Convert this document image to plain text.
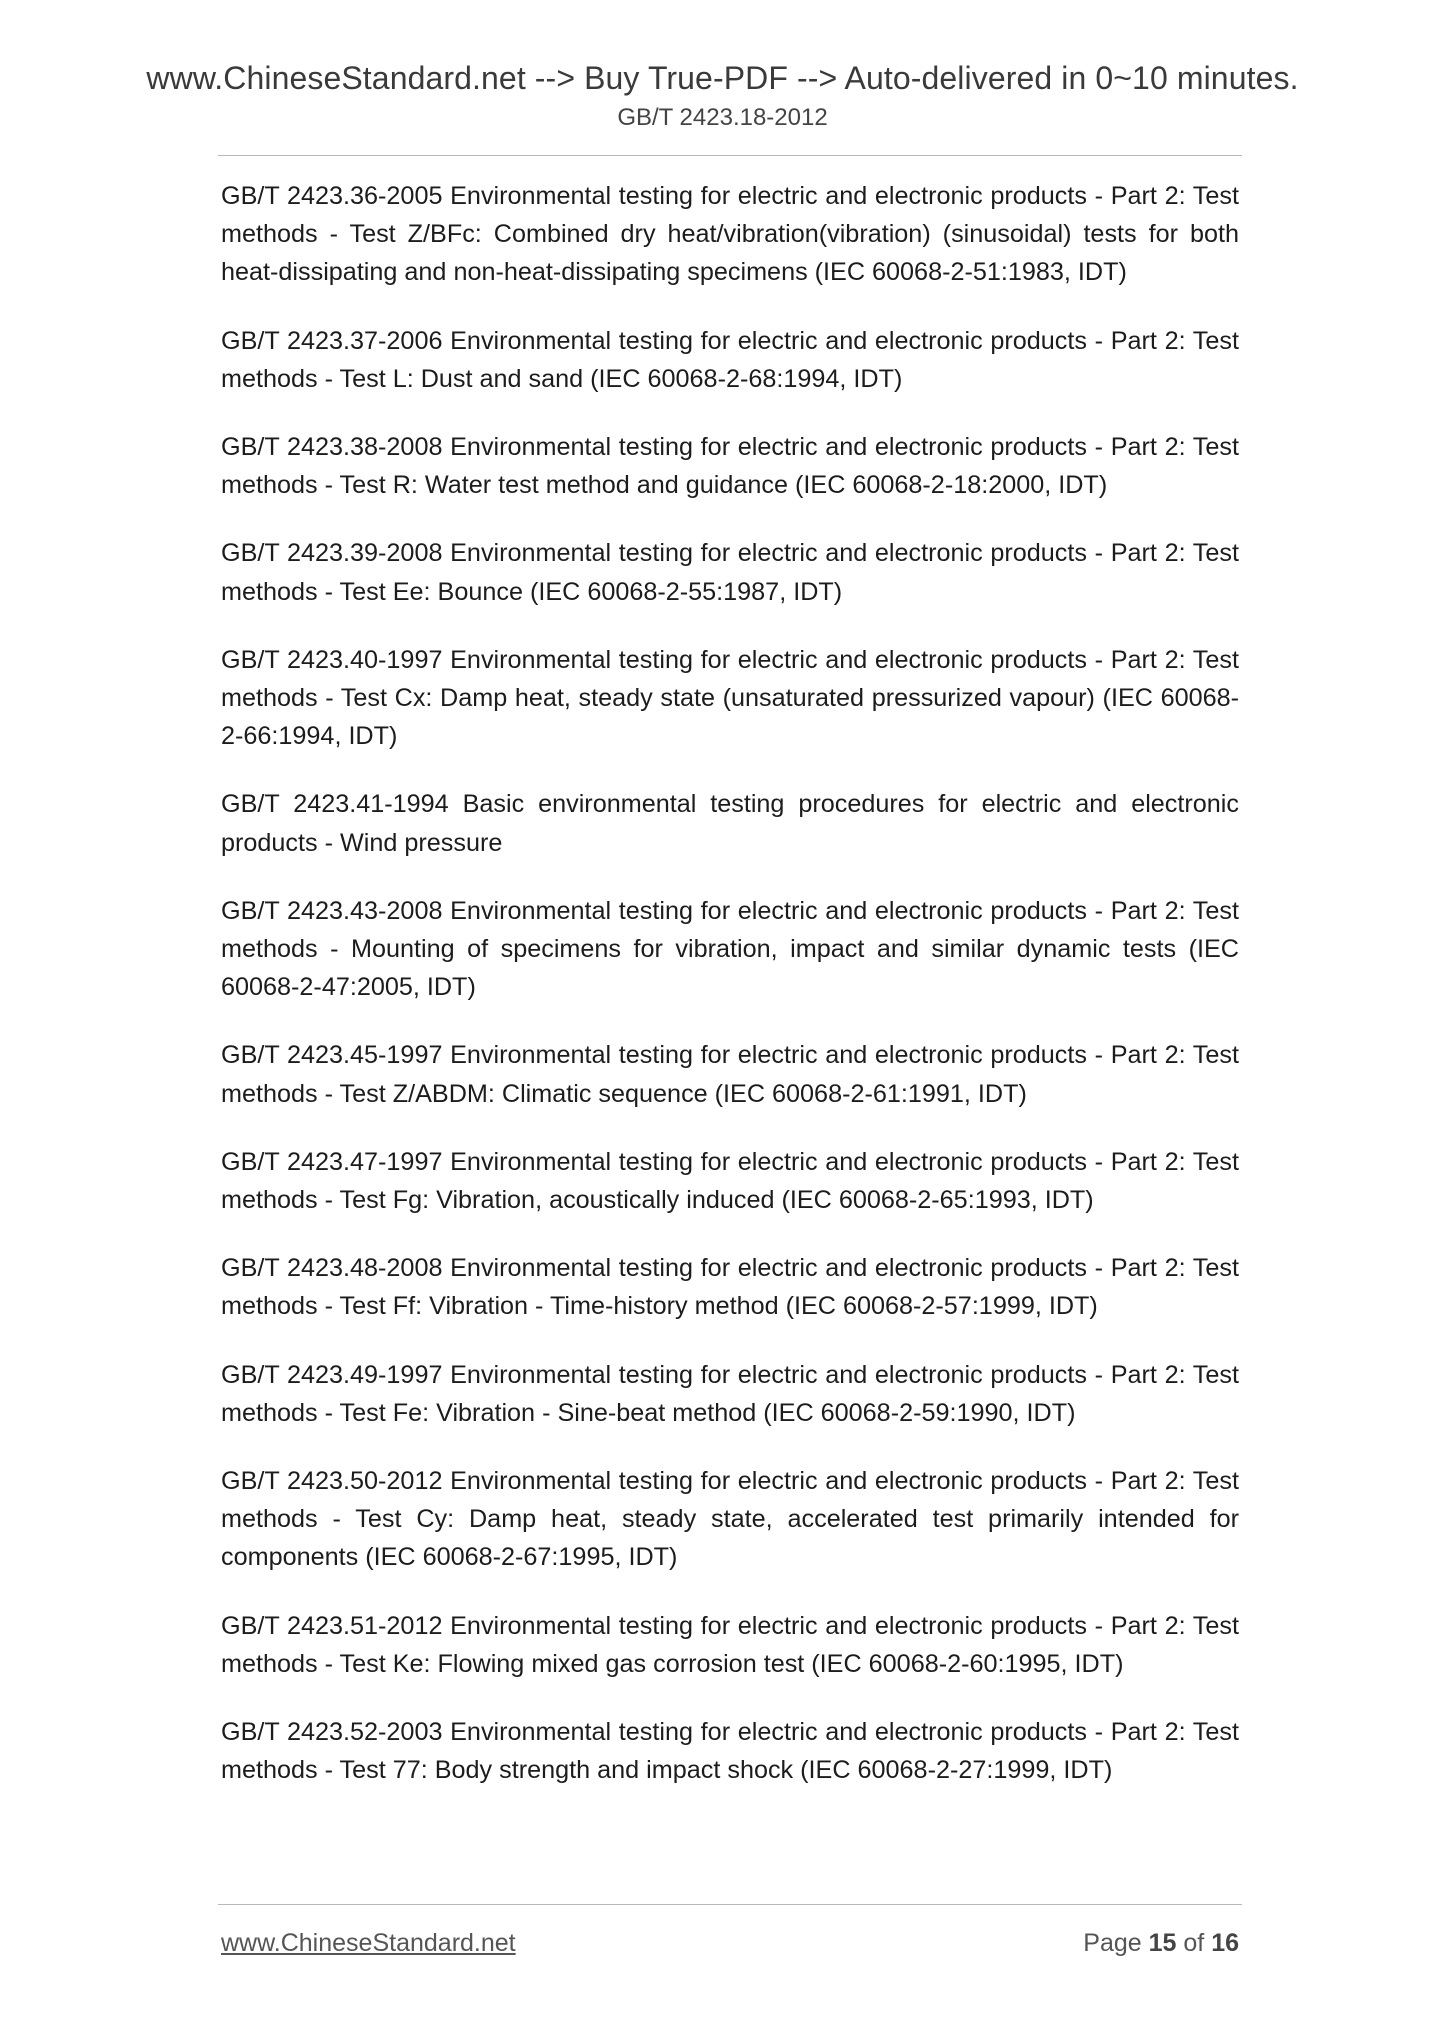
www.ChineseStandard.net --> Buy True-PDF --> Auto-delivered in 0~10 minutes.
GB/T 2423.18-2012

GB/T 2423.36-2005 Environmental testing for electric and electronic products - Part 2: Test methods - Test Z/BFc: Combined dry heat/vibration(vibration) (sinusoidal) tests for both heat-dissipating and non-heat-dissipating specimens (IEC 60068-2-51:1983, IDT)

GB/T 2423.37-2006 Environmental testing for electric and electronic products - Part 2: Test methods - Test L: Dust and sand (IEC 60068-2-68:1994, IDT)

GB/T 2423.38-2008 Environmental testing for electric and electronic products - Part 2: Test methods - Test R: Water test method and guidance (IEC 60068-2-18:2000, IDT)

GB/T 2423.39-2008 Environmental testing for electric and electronic products - Part 2: Test methods - Test Ee: Bounce (IEC 60068-2-55:1987, IDT)

GB/T 2423.40-1997 Environmental testing for electric and electronic products - Part 2: Test methods - Test Cx: Damp heat, steady state (unsaturated pressurized vapour) (IEC 60068-2-66:1994, IDT)

GB/T 2423.41-1994 Basic environmental testing procedures for electric and electronic products - Wind pressure

GB/T 2423.43-2008 Environmental testing for electric and electronic products - Part 2: Test methods - Mounting of specimens for vibration, impact and similar dynamic tests (IEC 60068-2-47:2005, IDT)

GB/T 2423.45-1997 Environmental testing for electric and electronic products - Part 2: Test methods - Test Z/ABDM: Climatic sequence (IEC 60068-2-61:1991, IDT)

GB/T 2423.47-1997 Environmental testing for electric and electronic products - Part 2: Test methods - Test Fg: Vibration, acoustically induced (IEC 60068-2-65:1993, IDT)

GB/T 2423.48-2008 Environmental testing for electric and electronic products - Part 2: Test methods - Test Ff: Vibration - Time-history method (IEC 60068-2-57:1999, IDT)

GB/T 2423.49-1997 Environmental testing for electric and electronic products - Part 2: Test methods - Test Fe: Vibration - Sine-beat method (IEC 60068-2-59:1990, IDT)

GB/T 2423.50-2012 Environmental testing for electric and electronic products - Part 2: Test methods - Test Cy: Damp heat, steady state, accelerated test primarily intended for components (IEC 60068-2-67:1995, IDT)

GB/T 2423.51-2012 Environmental testing for electric and electronic products - Part 2: Test methods - Test Ke: Flowing mixed gas corrosion test (IEC 60068-2-60:1995, IDT)

GB/T 2423.52-2003 Environmental testing for electric and electronic products - Part 2: Test methods - Test 77: Body strength and impact shock (IEC 60068-2-27:1999, IDT)

www.ChineseStandard.net	Page 15 of 16
